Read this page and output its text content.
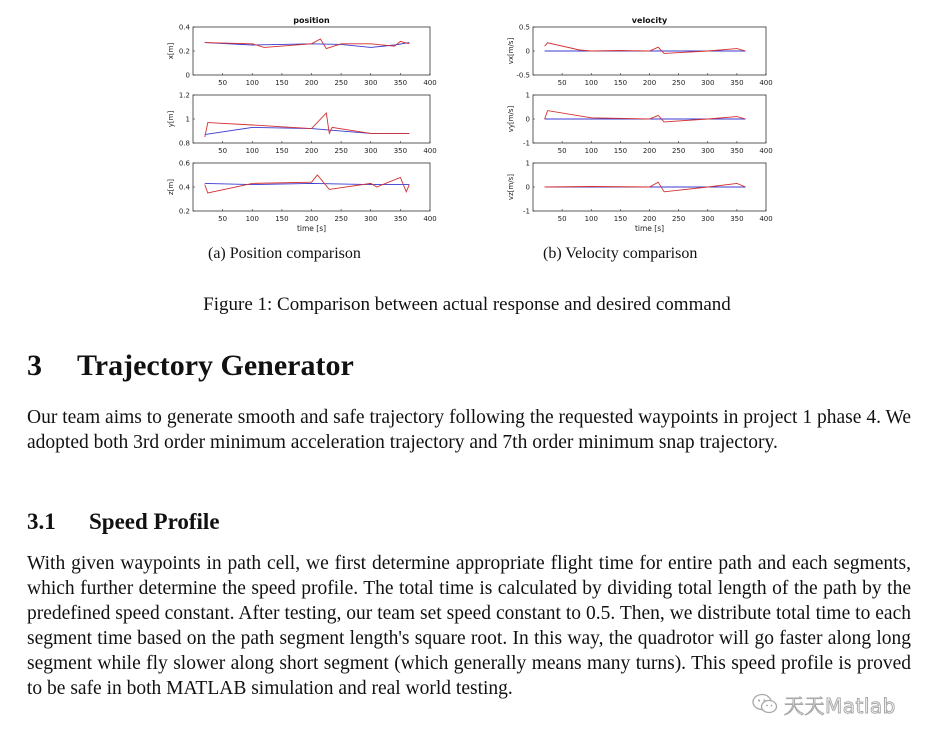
position
50	100 150 200 250 300 350 400
0
0.2
0.4
x[m]
velocity
50	100 150 200 250 300 350 400
-0.5
0
0.5
vx[m/s]
50	100 150 200 250 300 350 400
0.8
1
1.2
y[m]
50	100 150 200 250 300 350 400
-1
0
1
vy[m/s]
50	100 150 200 250 300 350 400
0.2
0.4
0.6
z[m]
time [s]
50	100 150 200 250 300 350 400
-1
0
1
vz[m/s]
time [s]
(a) Position comparison	(b) Velocity comparison
Figure 1: Comparison between actual response and desired command
3 Trajectory Generator
Our team aims to generate smooth and safe trajectory following the requested waypoints in project 1 phase 4. We adopted both 3rd order minimum acceleration trajectory and 7th order minimum snap trajectory.
3.1 Speed Profile
With given waypoints in path cell, we first determine appropriate flight time for entire path and each segments, which further determine the speed profile. The total time is calculated by dividing total length of the path by the predefined speed constant. After testing, our team set speed constant to 0.5. Then, we distribute total time to each segment time based on the path segment length's square root. In this way, the quadrotor will go faster along long segment while fly slower along short segment (which generally means many turns). This speed profile is proved to be safe in both MATLAB simulation and real world testing.
天天Matlab
